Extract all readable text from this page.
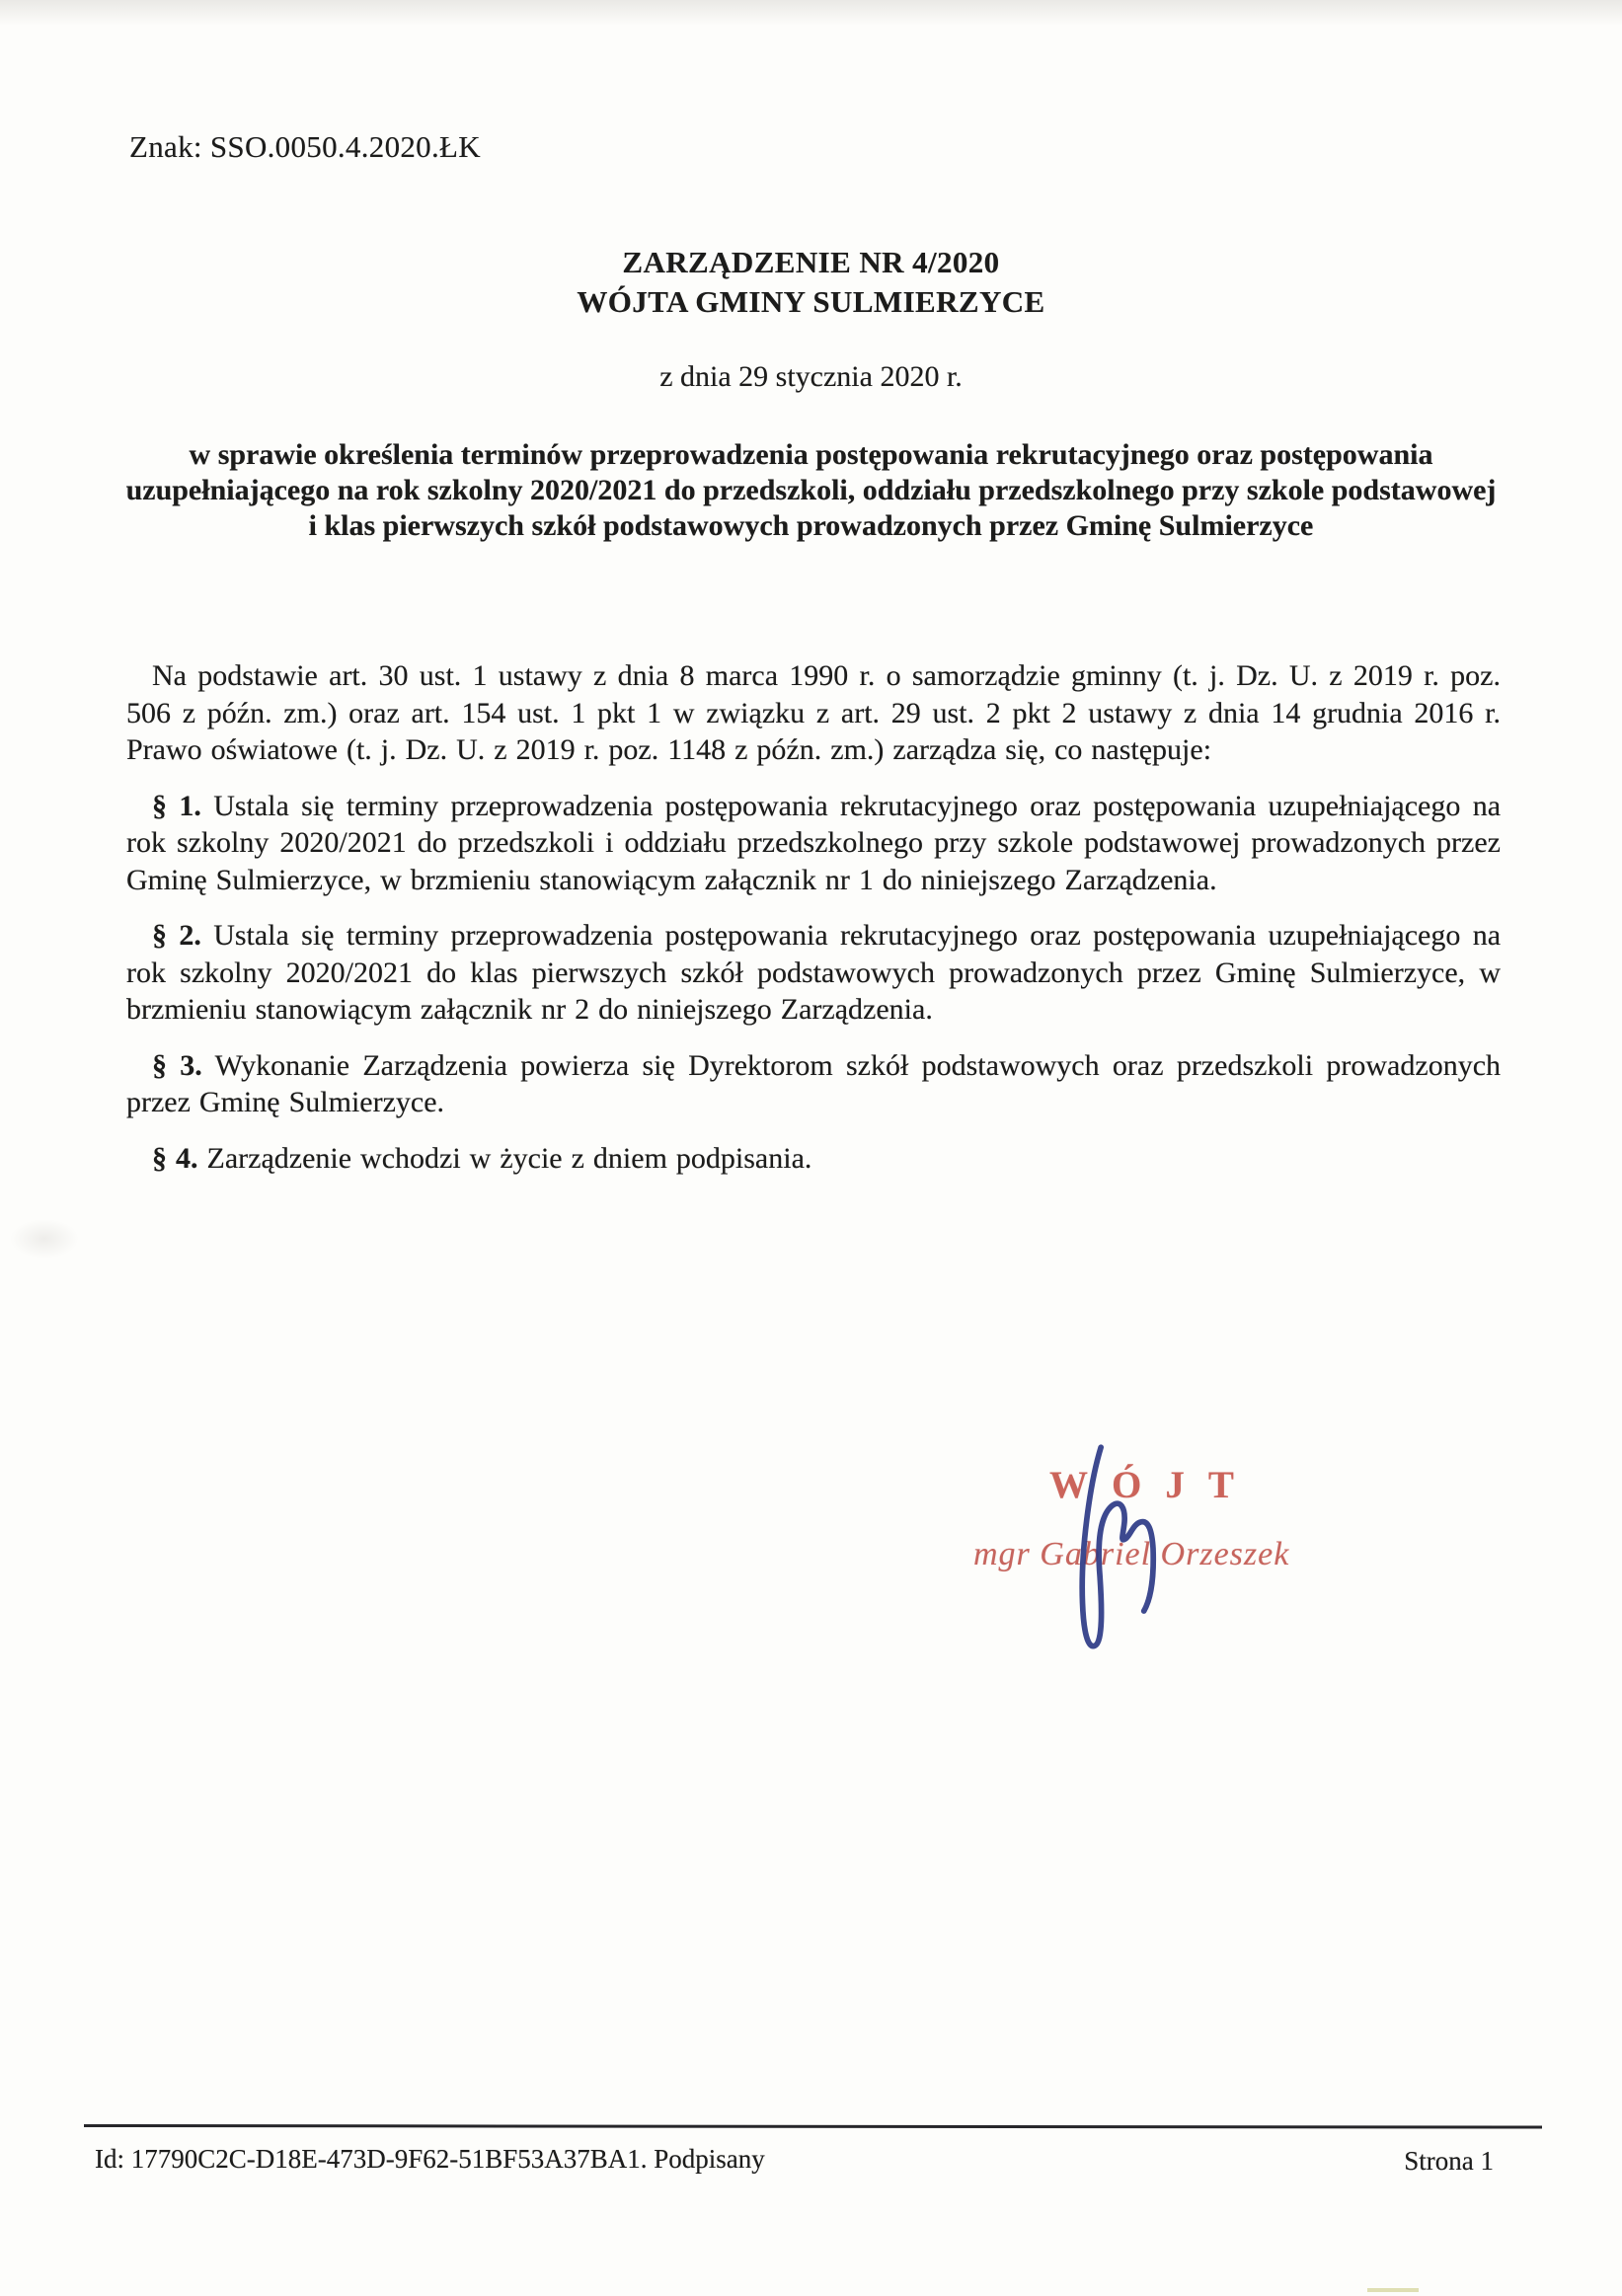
Znak: SSO.0050.4.2020.ŁK
ZARZĄDZENIE NR 4/2020
WÓJTA GMINY SULMIERZYCE
z dnia 29 stycznia 2020 r.
w sprawie określenia terminów przeprowadzenia postępowania rekrutacyjnego oraz postępowania uzupełniającego na rok szkolny 2020/2021 do przedszkoli, oddziału przedszkolnego przy szkole podstawowej i klas pierwszych szkół podstawowych prowadzonych przez Gminę Sulmierzyce

Na podstawie art. 30 ust. 1 ustawy z dnia 8 marca 1990 r. o samorządzie gminny (t. j. Dz. U. z 2019 r. poz. 506 z późn. zm.) oraz art. 154 ust. 1 pkt 1 w związku z art. 29 ust. 2 pkt 2 ustawy z dnia 14 grudnia 2016 r. Prawo oświatowe (t. j. Dz. U. z 2019 r. poz. 1148 z późn. zm.) zarządza się, co następuje:

§ 1. Ustala się terminy przeprowadzenia postępowania rekrutacyjnego oraz postępowania uzupełniającego na rok szkolny 2020/2021 do przedszkoli i oddziału przedszkolnego przy szkole podstawowej prowadzonych przez Gminę Sulmierzyce, w brzmieniu stanowiącym załącznik nr 1 do niniejszego Zarządzenia.

§ 2. Ustala się terminy przeprowadzenia postępowania rekrutacyjnego oraz postępowania uzupełniającego na rok szkolny 2020/2021 do klas pierwszych szkół podstawowych prowadzonych przez Gminę Sulmierzyce, w brzmieniu stanowiącym załącznik nr 2 do niniejszego Zarządzenia.

§ 3. Wykonanie Zarządzenia powierza się Dyrektorom szkół podstawowych oraz przedszkoli prowadzonych przez Gminę Sulmierzyce.

§ 4. Zarządzenie wchodzi w życie z dniem podpisania.

WÓJT
mgr Gabriel Orzeszek
Id: 17790C2C-D18E-473D-9F62-51BF53A37BA1. Podpisany	Strona 1
